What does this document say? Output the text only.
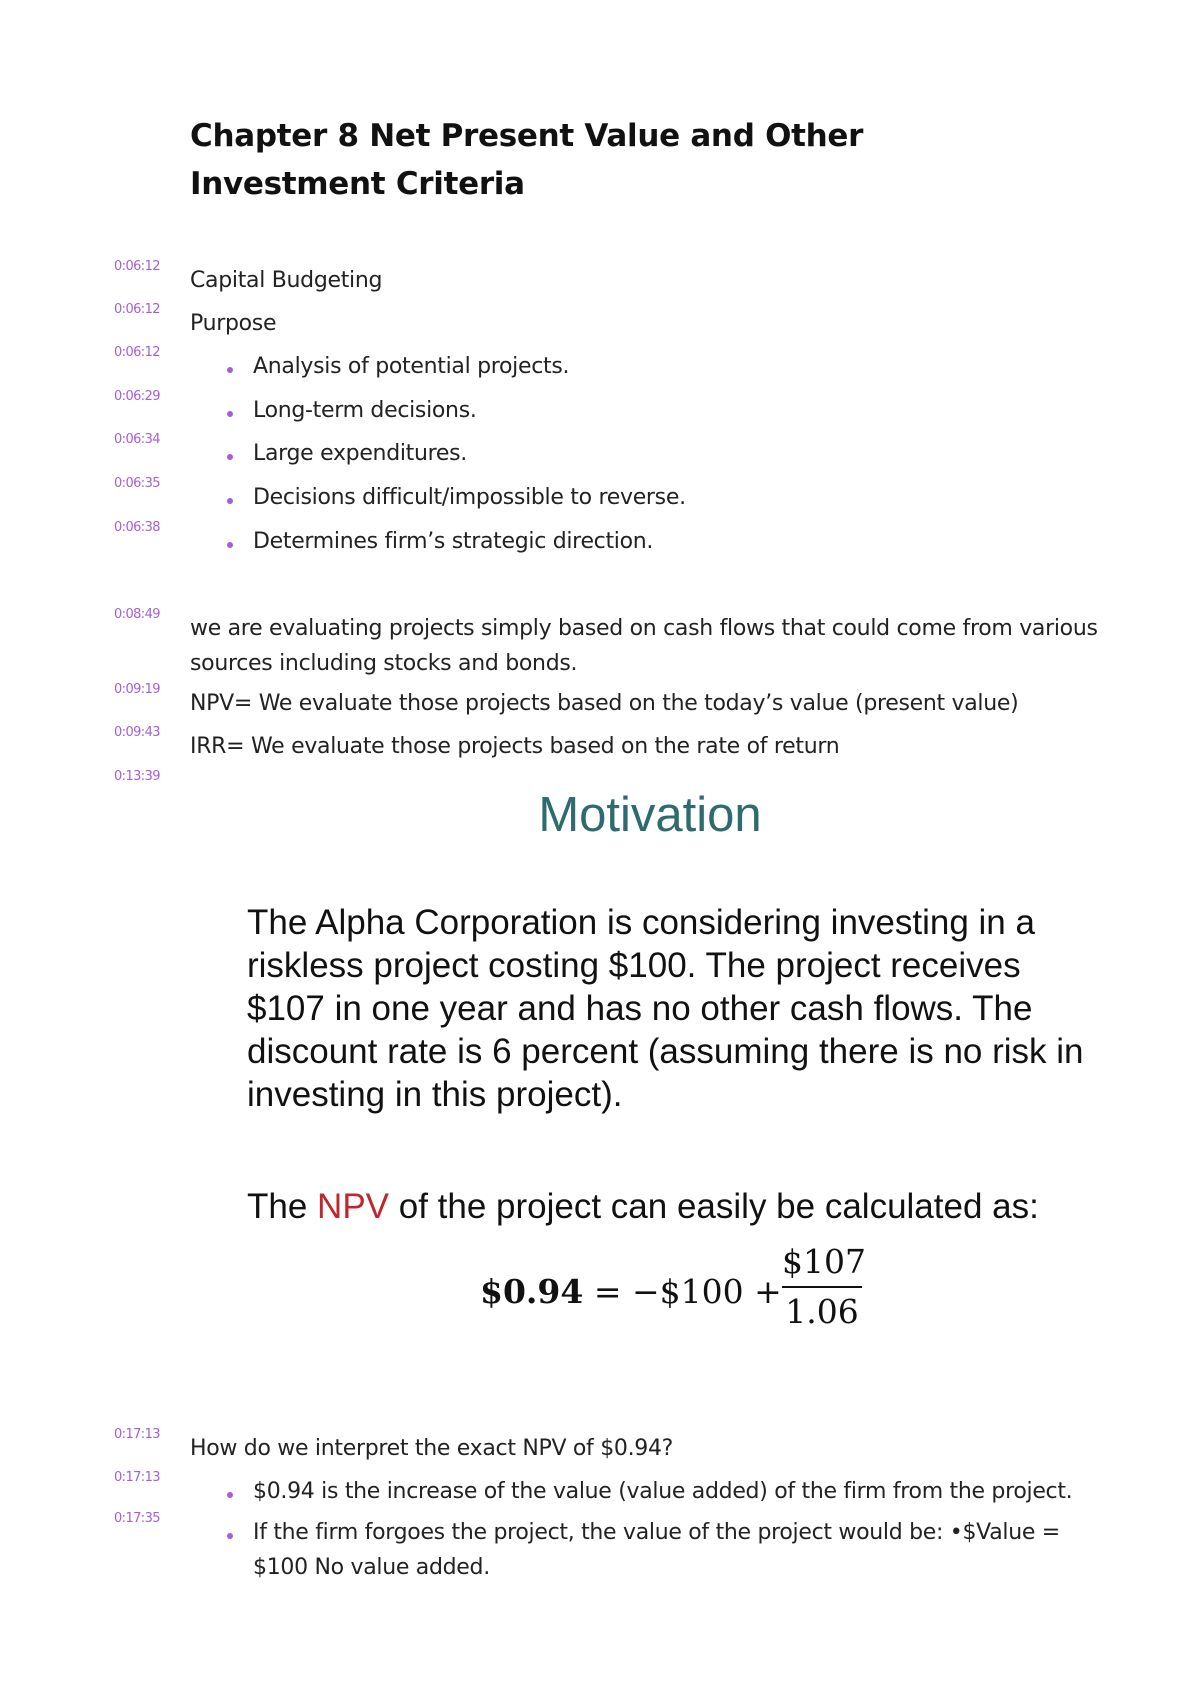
Chapter 8 Net Present Value and Other
Investment Criteria
0:06:12
Capital Budgeting
0:06:12
Purpose
0:06:12
Analysis of potential projects.
0:06:29
Long-term decisions.
0:06:34
Large expenditures.
0:06:35
Decisions difficult/impossible to reverse.
0:06:38
Determines firm’s strategic direction.
0:08:49
we are evaluating projects simply based on cash flows that could come from various sources including stocks and bonds.
0:09:19
NPV= We evaluate those projects based on the today’s value (present value)
0:09:43
IRR= We evaluate those projects based on the rate of return
0:13:39
Motivation
The Alpha Corporation is considering investing in a riskless project costing $100. The project receives $107 in one year and has no other cash flows. The discount rate is 6 percent (assuming there is no risk in investing in this project).
The NPV of the project can easily be calculated as:
$0.94 = −$100 +
$107
1.06
0:17:13
How do we interpret the exact NPV of $0.94?
0:17:13
$0.94 is the increase of the value (value added) of the firm from the project.
0:17:35
If the firm forgoes the project, the value of the project would be: •$Value = $100 No value added.
